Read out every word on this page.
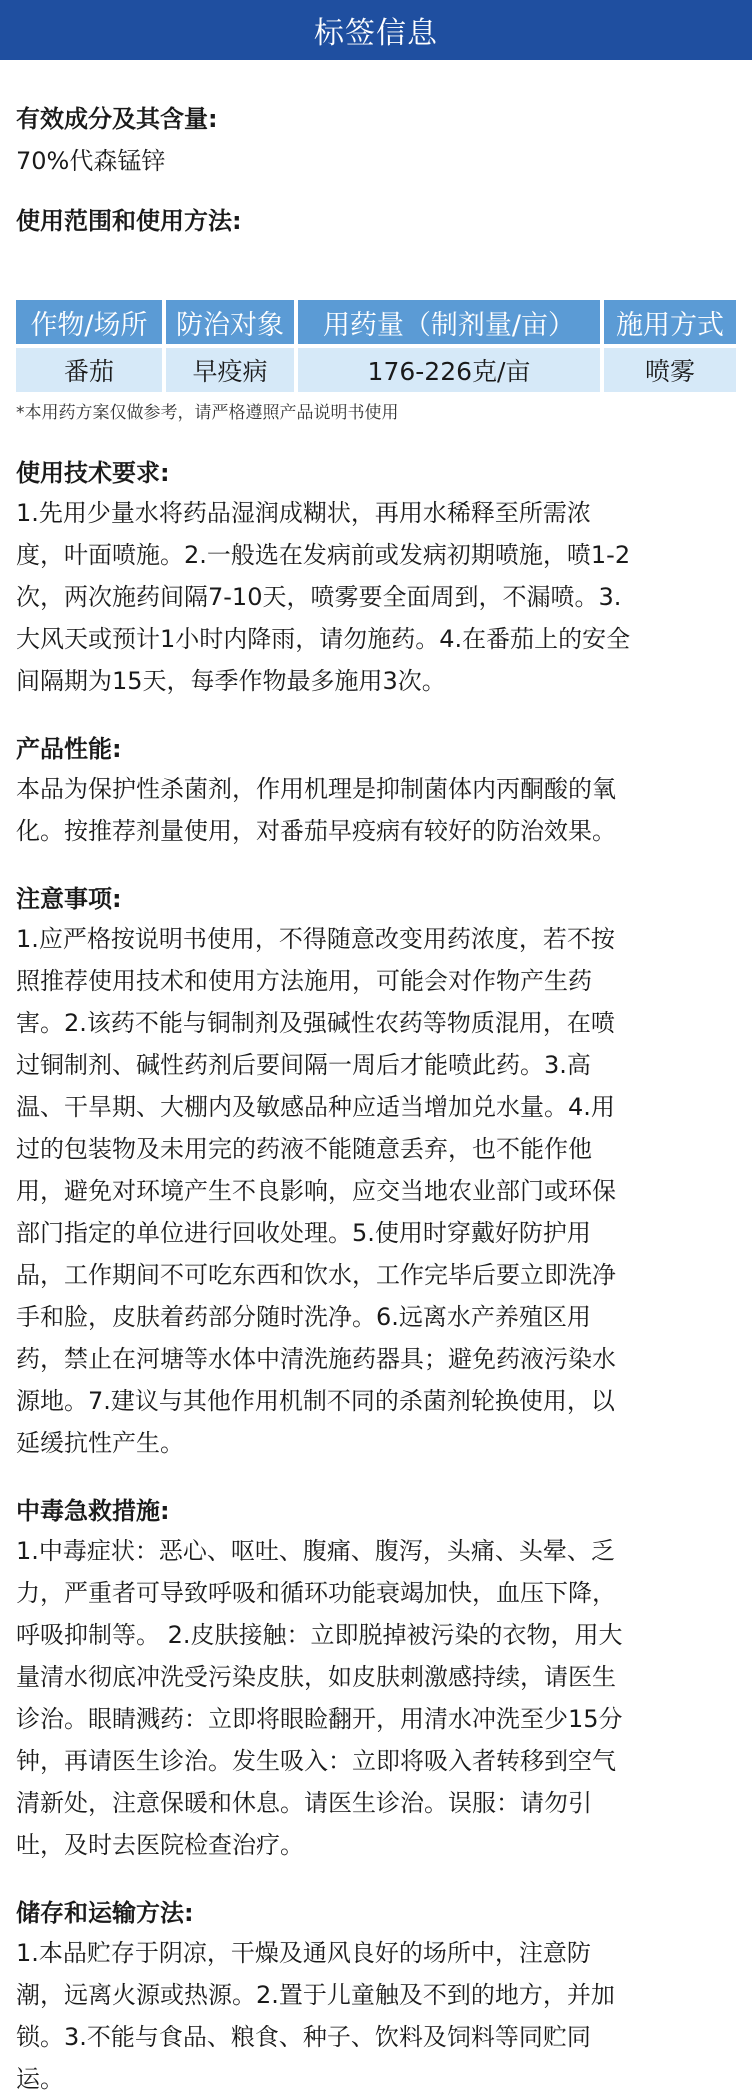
标签信息

有效成分及其含量:

70%代森锰锌

使用范围和使用方法:

作物/场所	防治对象	用药量（制剂量/亩）	施用方式
番茄	早疫病	176-226克/亩	喷雾
*本用药方案仅做参考，请严格遵照产品说明书使用

使用技术要求:

1.先用少量水将药品湿润成糊状，再用水稀释至所需浓
度，叶面喷施。2.一般选在发病前或发病初期喷施，喷1-2
次，两次施药间隔7-10天，喷雾要全面周到，不漏喷。3.
大风天或预计1小时内降雨，请勿施药。4.在番茄上的安全
间隔期为15天，每季作物最多施用3次。

产品性能:

本品为保护性杀菌剂，作用机理是抑制菌体内丙酮酸的氧
化。按推荐剂量使用，对番茄早疫病有较好的防治效果。

注意事项:

1.应严格按说明书使用，不得随意改变用药浓度，若不按
照推荐使用技术和使用方法施用，可能会对作物产生药
害。2.该药不能与铜制剂及强碱性农药等物质混用，在喷
过铜制剂、碱性药剂后要间隔一周后才能喷此药。3.高
温、干旱期、大棚内及敏感品种应适当增加兑水量。4.用
过的包装物及未用完的药液不能随意丢弃，也不能作他
用，避免对环境产生不良影响，应交当地农业部门或环保
部门指定的单位进行回收处理。5.使用时穿戴好防护用
品，工作期间不可吃东西和饮水，工作完毕后要立即洗净
手和脸，皮肤着药部分随时洗净。6.远离水产养殖区用
药，禁止在河塘等水体中清洗施药器具；避免药液污染水
源地。7.建议与其他作用机制不同的杀菌剂轮换使用，以
延缓抗性产生。

中毒急救措施:

1.中毒症状：恶心、呕吐、腹痛、腹泻，头痛、头晕、乏
力，严重者可导致呼吸和循环功能衰竭加快，血压下降，
呼吸抑制等。 2.皮肤接触：立即脱掉被污染的衣物，用大
量清水彻底冲洗受污染皮肤，如皮肤刺激感持续，请医生
诊治。眼睛溅药：立即将眼睑翻开，用清水冲洗至少15分
钟，再请医生诊治。发生吸入：立即将吸入者转移到空气
清新处，注意保暖和休息。请医生诊治。误服：请勿引
吐，及时去医院检查治疗。

储存和运输方法:

1.本品贮存于阴凉，干燥及通风良好的场所中，注意防
潮，远离火源或热源。2.置于儿童触及不到的地方，并加
锁。3.不能与食品、粮食、种子、饮料及饲料等同贮同
运。
